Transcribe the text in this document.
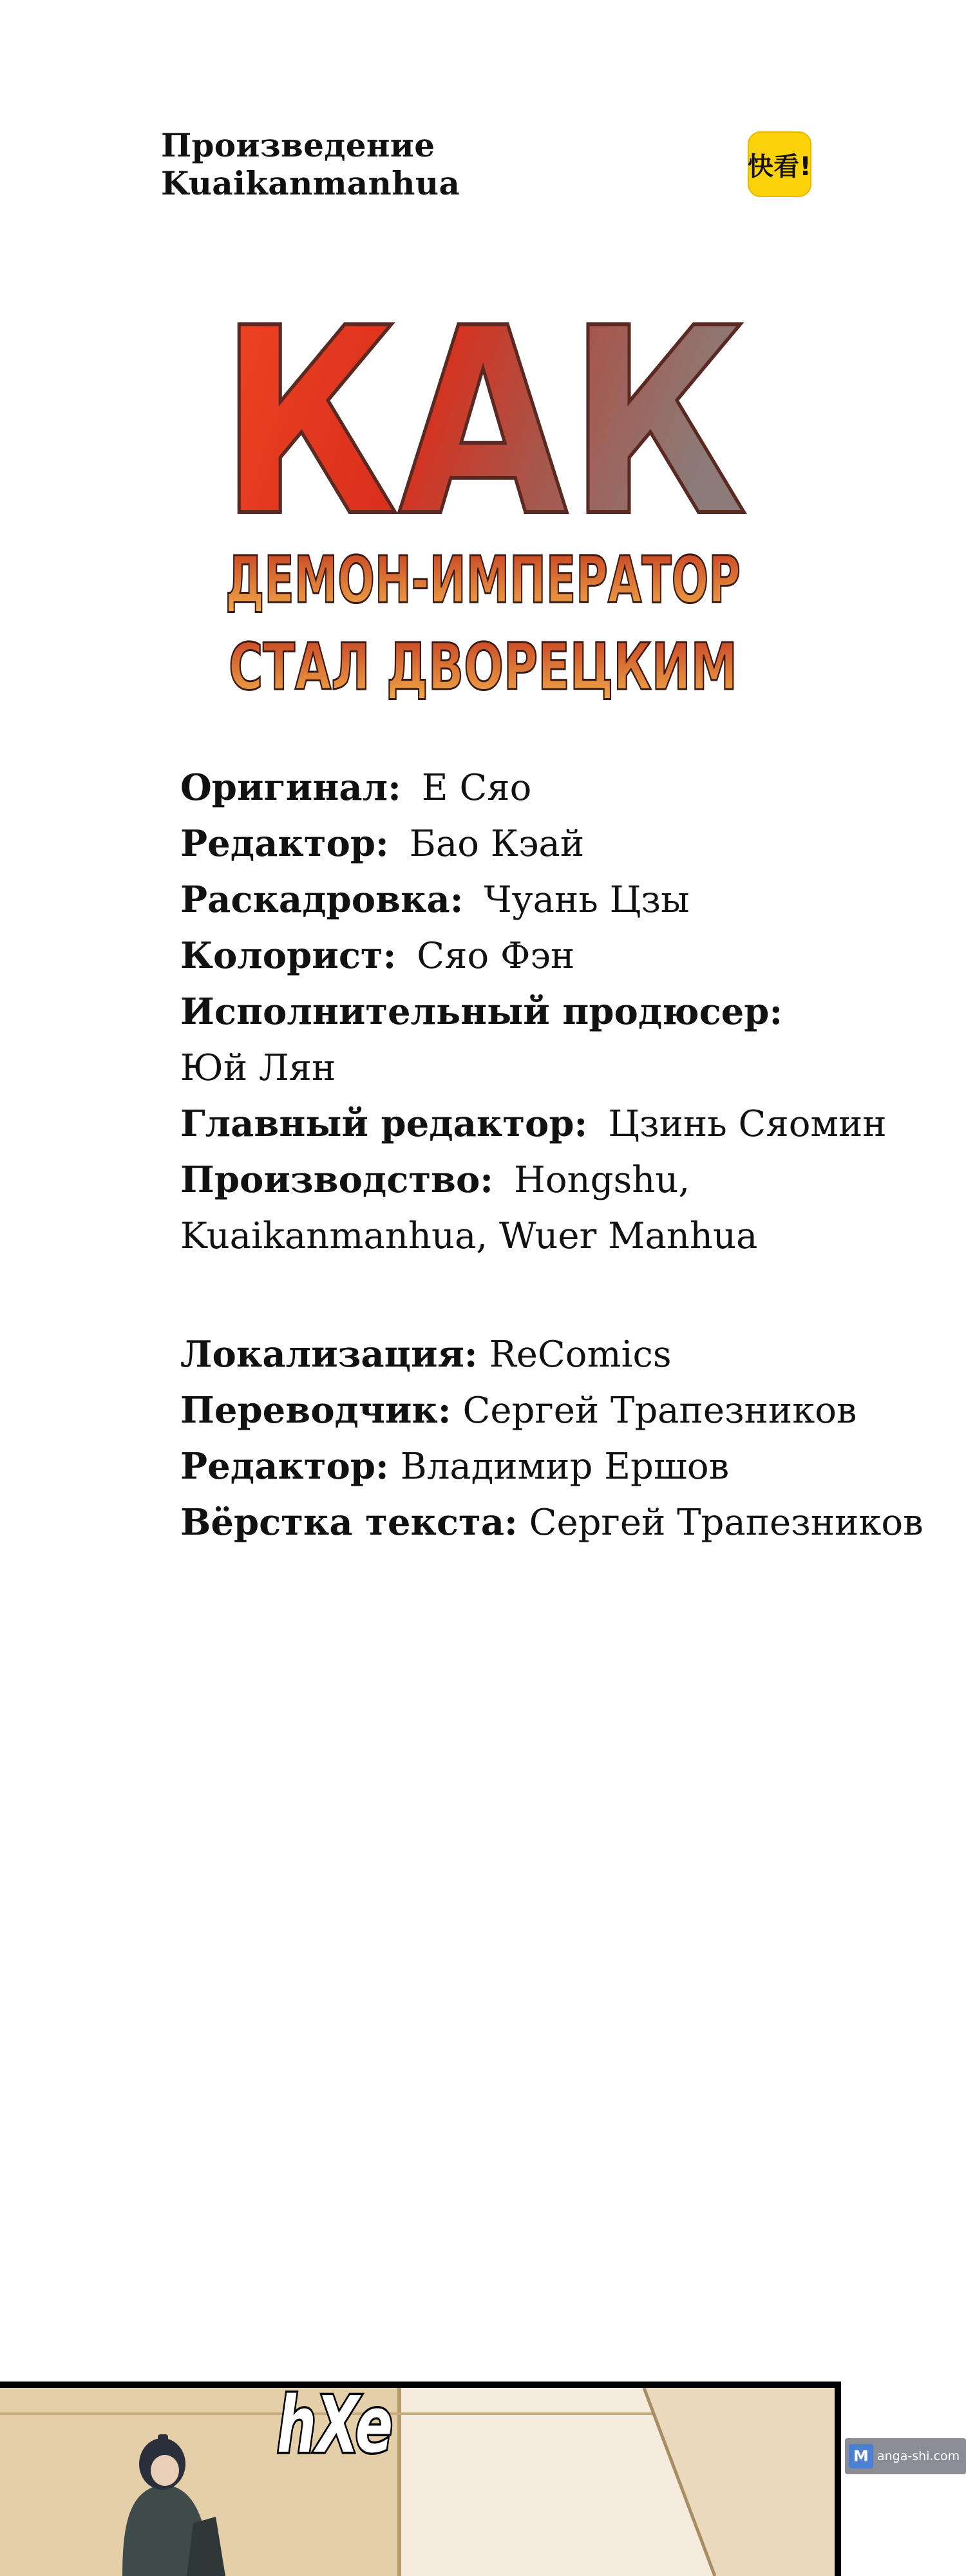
Произведение Kuaikanmanhua	快看!
КАК
ДЕМОН-ИМПЕРАТОР
СТАЛ ДВОРЕЦКИМ
Оригинал: Е Сяо
Редактор: Бао Кэай
Раскадровка: Чуань Цзы
Колорист: Сяо Фэн
Исполнительный продюсер:
Юй Лян
Главный редактор: Цзинь Сяомин
Производство: Hongshu,
Kuaikanmanhua, Wuer Manhua
Локализация: ReComics
Переводчик: Сергей Трапезников
Редактор: Владимир Ершов
Вёрстка текста: Сергей Трапезников
hXe	M anga-shi.com
